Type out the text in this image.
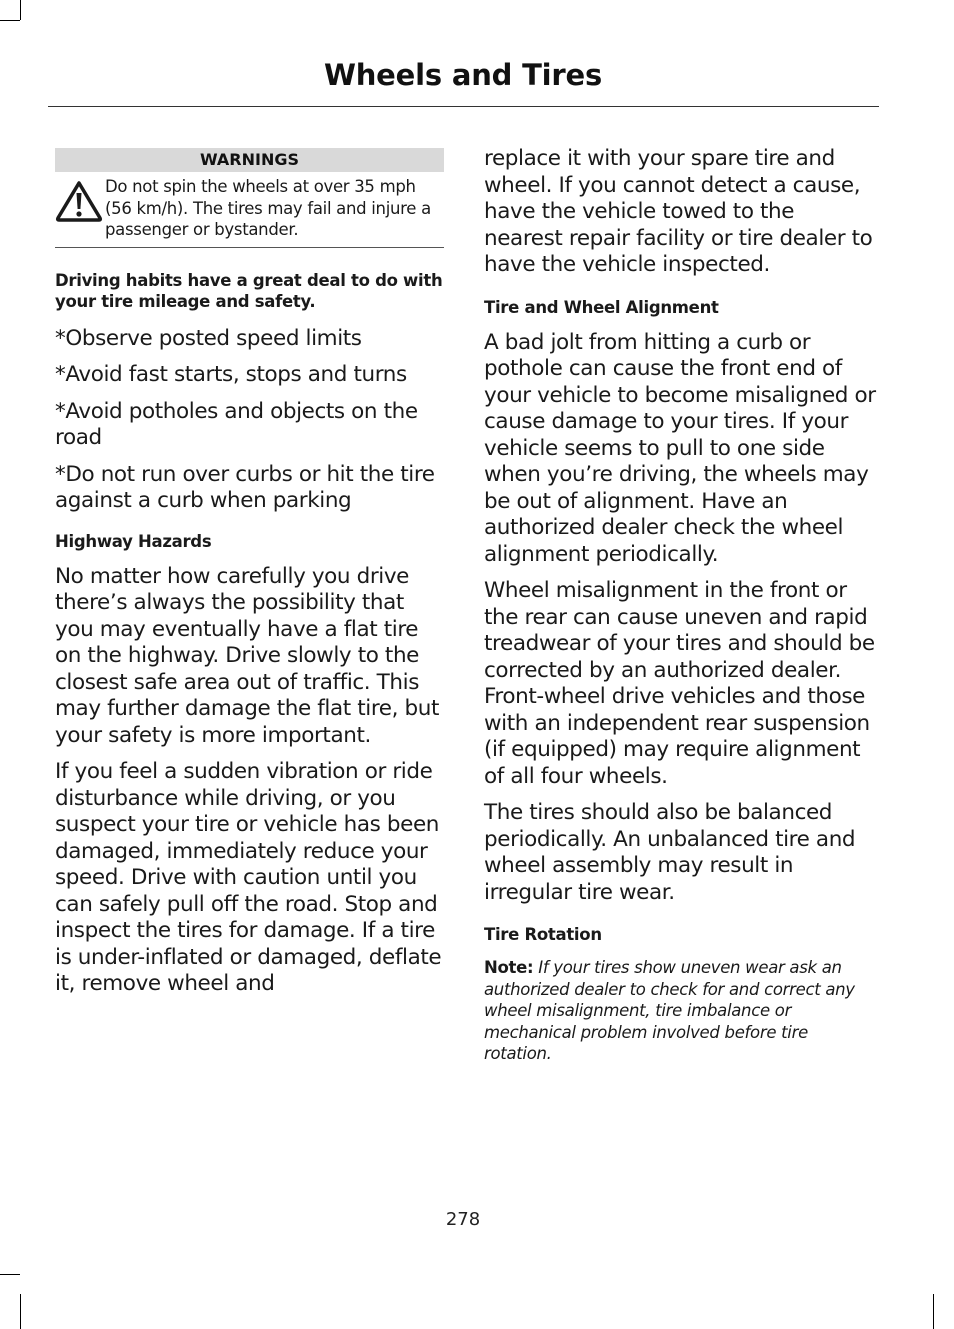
Wheels and Tires
WARNINGS
Do not spin the wheels at over 35 mph (56 km/h). The tires may fail and injure a passenger or bystander.

Driving habits have a great deal to do with your tire mileage and safety.

*Observe posted speed limits

*Avoid fast starts, stops and turns

*Avoid potholes and objects on the road

*Do not run over curbs or hit the tire against a curb when parking

Highway Hazards

No matter how carefully you drive there’s always the possibility that you may eventually have a flat tire on the highway. Drive slowly to the closest safe area out of traffic. This may further damage the flat tire, but your safety is more important.

If you feel a sudden vibration or ride disturbance while driving, or you suspect your tire or vehicle has been damaged, immediately reduce your speed. Drive with caution until you can safely pull off the road. Stop and inspect the tires for damage. If a tire is under-inflated or damaged, deflate it, remove wheel and

replace it with your spare tire and wheel. If you cannot detect a cause, have the vehicle towed to the nearest repair facility or tire dealer to have the vehicle inspected.

Tire and Wheel Alignment

A bad jolt from hitting a curb or pothole can cause the front end of your vehicle to become misaligned or cause damage to your tires. If your vehicle seems to pull to one side when you’re driving, the wheels may be out of alignment. Have an authorized dealer check the wheel alignment periodically.

Wheel misalignment in the front or the rear can cause uneven and rapid treadwear of your tires and should be corrected by an authorized dealer. Front-wheel drive vehicles and those with an independent rear suspension (if equipped) may require alignment of all four wheels.

The tires should also be balanced periodically. An unbalanced tire and wheel assembly may result in irregular tire wear.

Tire Rotation

Note: If your tires show uneven wear ask an authorized dealer to check for and correct any wheel misalignment, tire imbalance or mechanical problem involved before tire rotation.

278
